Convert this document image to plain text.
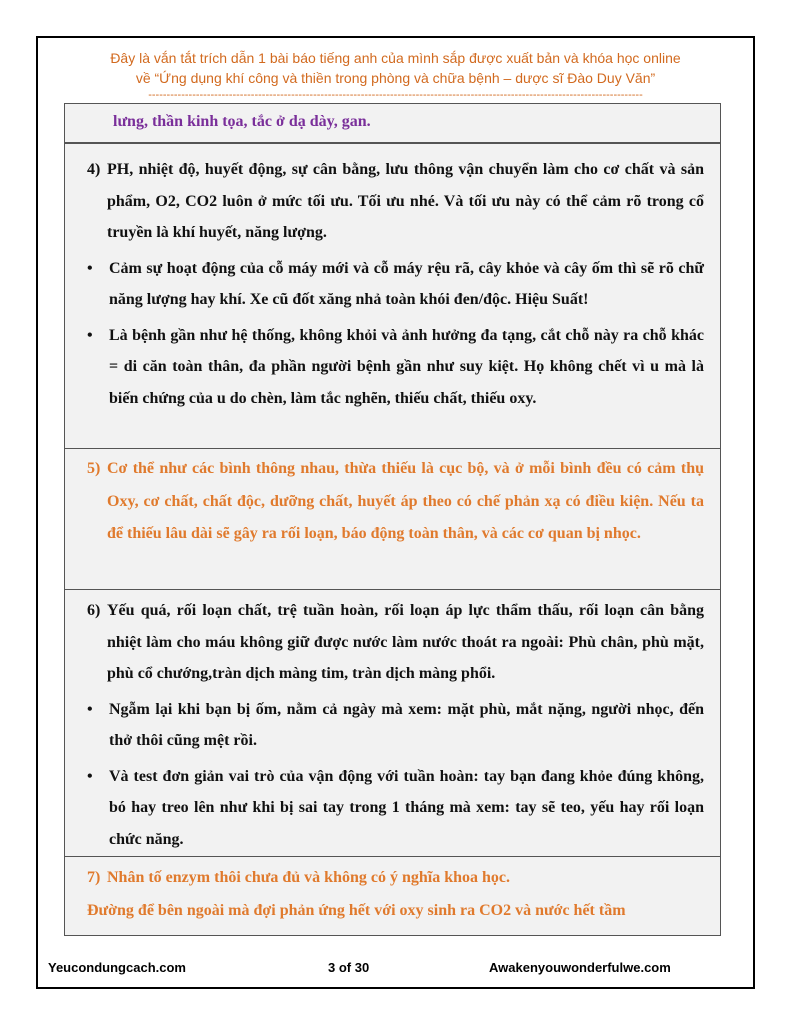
Đây là vắn tắt trích dẫn 1 bài báo tiếng anh của mình sắp được xuất bản và khóa học online
về “Ứng dụng khí công và thiền trong phòng và chữa bệnh – dược sĩ Đào Duy Văn”
---------------------------------------------------------------------------------------------------------------------------------------

lưng, thần kinh tọa, tắc ở dạ dày, gan.

4) PH, nhiệt độ, huyết động, sự cân bằng, lưu thông vận chuyển làm cho cơ chất và sản phẩm, O2, CO2 luôn ở mức tối ưu. Tối ưu nhé. Và tối ưu này có thể cảm rõ trong cổ truyền là khí huyết, năng lượng.
•	Cảm sự hoạt động của cỗ máy mới và cỗ máy rệu rã, cây khỏe và cây ốm thì sẽ rõ chữ năng lượng hay khí. Xe cũ đốt xăng nhả toàn khói đen/độc. Hiệu Suất!
•	Là bệnh gần như hệ thống, không khỏi và ảnh hưởng đa tạng, cắt chỗ này ra chỗ khác = di căn toàn thân, đa phần người bệnh gần như suy kiệt. Họ không chết vì u mà là biến chứng của u do chèn, làm tắc nghẽn, thiếu chất, thiếu oxy.
5) Cơ thể như các bình thông nhau, thừa thiếu là cục bộ, và ở mỗi bình đều có cảm thụ Oxy, cơ chất, chất độc, dưỡng chất, huyết áp theo có chế phản xạ có điều kiện. Nếu ta để thiếu lâu dài sẽ gây ra rối loạn, báo động toàn thân, và các cơ quan bị nhọc.
6) Yếu quá, rối loạn chất, trệ tuần hoàn, rối loạn áp lực thẩm thấu, rối loạn cân bằng nhiệt làm cho máu không giữ được nước làm nước thoát ra ngoài: Phù chân, phù mặt, phù cổ chướng,tràn dịch màng tim, tràn dịch màng phổi.
•	Ngẫm lại khi bạn bị ốm, nằm cả ngày mà xem: mặt phù, mắt nặng, người nhọc, đến thở thôi cũng mệt rồi.
•	Và test đơn giản vai trò của vận động với tuần hoàn: tay bạn đang khỏe đúng không, bó hay treo lên như khi bị sai tay trong 1 tháng mà xem: tay sẽ teo, yếu hay rối loạn chức năng.
7) Nhân tố enzym thôi chưa đủ và không có ý nghĩa khoa học.

Đường để bên ngoài mà đợi phản ứng hết với oxy sinh ra CO2 và nước hết tầm

Yeucondungcach.com	3 of 30	Awakenyouwonderfulwe.com
